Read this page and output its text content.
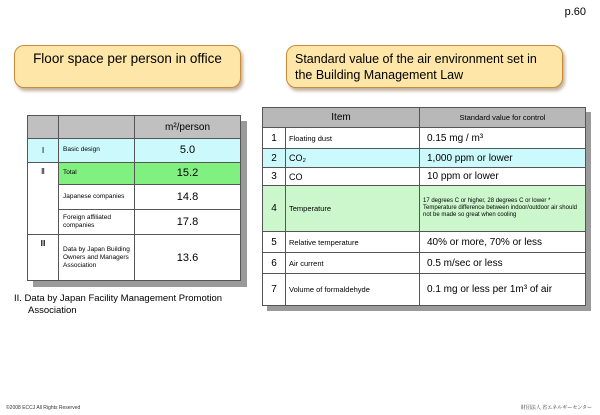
p.60
Floor space per person in office	Standard value of the air environment set in the Building Management Law
		m²/person
Ⅰ	Basic design	5.0
Ⅱ	Total	15.2
	Japanese companies	14.8
	Foreign affiliated companies	17.8
Ⅲ	Data by Japan Building Owners and Managers Association	13.6
Item		Standard value for control
1	Floating dust	0.15 mg / m³
2	CO₂	1,000 ppm or lower
3	CO	10 ppm or lower
4	Temperature	17 degrees C or higher, 28 degrees C or lower * Temperature difference between indoor/outdoor air should not be made so great when cooling
5	Relative temperature	40% or more, 70% or less
6	Air current	0.5 m/sec or less
7	Volume of formaldehyde	0.1 mg or less per 1m³ of air
II. Data by Japan Facility Management Promotion
Association
©2008 ECCJ All Rights Reserved	財団法人 省エネルギーセンター
